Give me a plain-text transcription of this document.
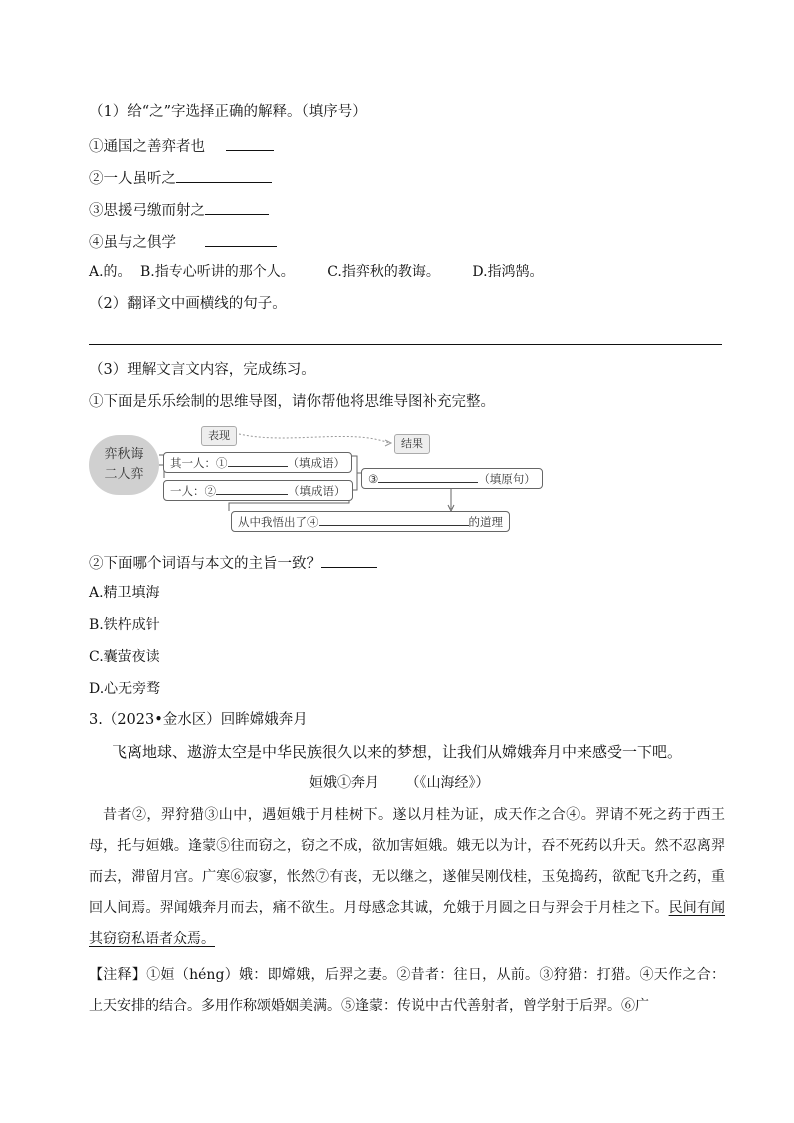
（1）给“之”字选择正确的解释。（填序号）
①通国之善弈者也
②一人虽听之
③思援弓缴而射之
④虽与之俱学
A.的。 B.指专心听讲的那个人。 C.指弈秋的教诲。 D.指鸿鹄。
（2）翻译文中画横线的句子。
（3）理解文言文内容，完成练习。
①下面是乐乐绘制的思维导图，请你帮他将思维导图补充完整。
表现
结果
弈秋诲
二人弈
其一人：①	（填成语）
一人：②	（填成语）
③	（填原句）
从中我悟出了④	的道理
②下面哪个词语与本文的主旨一致？
A.精卫填海
B.铁杵成针
C.囊萤夜读
D.心无旁骛
3.（2023•金水区）回眸嫦娥奔月
飞离地球、遨游太空是中华民族很久以来的梦想，让我们从嫦娥奔月中来感受一下吧。
姮娥①奔月 （《山海经》）
昔者②，羿狩猎③山中，遇姮娥于月桂树下。遂以月桂为证，成天作之合④。羿请不死之药于西王母，托与姮娥。逢蒙⑤往而窃之，窃之不成，欲加害姮娥。娥无以为计，吞不死药以升天。然不忍离羿而去，滞留月宫。广寒⑥寂寥，怅然⑦有丧，无以继之，遂催吴刚伐桂，玉兔捣药，欲配飞升之药，重回人间焉。羿闻娥奔月而去，痛不欲生。月母感念其诚，允娥于月圆之日与羿会于月桂之下。民间有闻其窃窃私语者众焉。
【注释】①姮（héng）娥：即嫦娥，后羿之妻。②昔者：往日，从前。③狩猎：打猎。④天作之合：上天安排的结合。多用作称颂婚姻美满。⑤逢蒙：传说中古代善射者，曾学射于后羿。⑥广
